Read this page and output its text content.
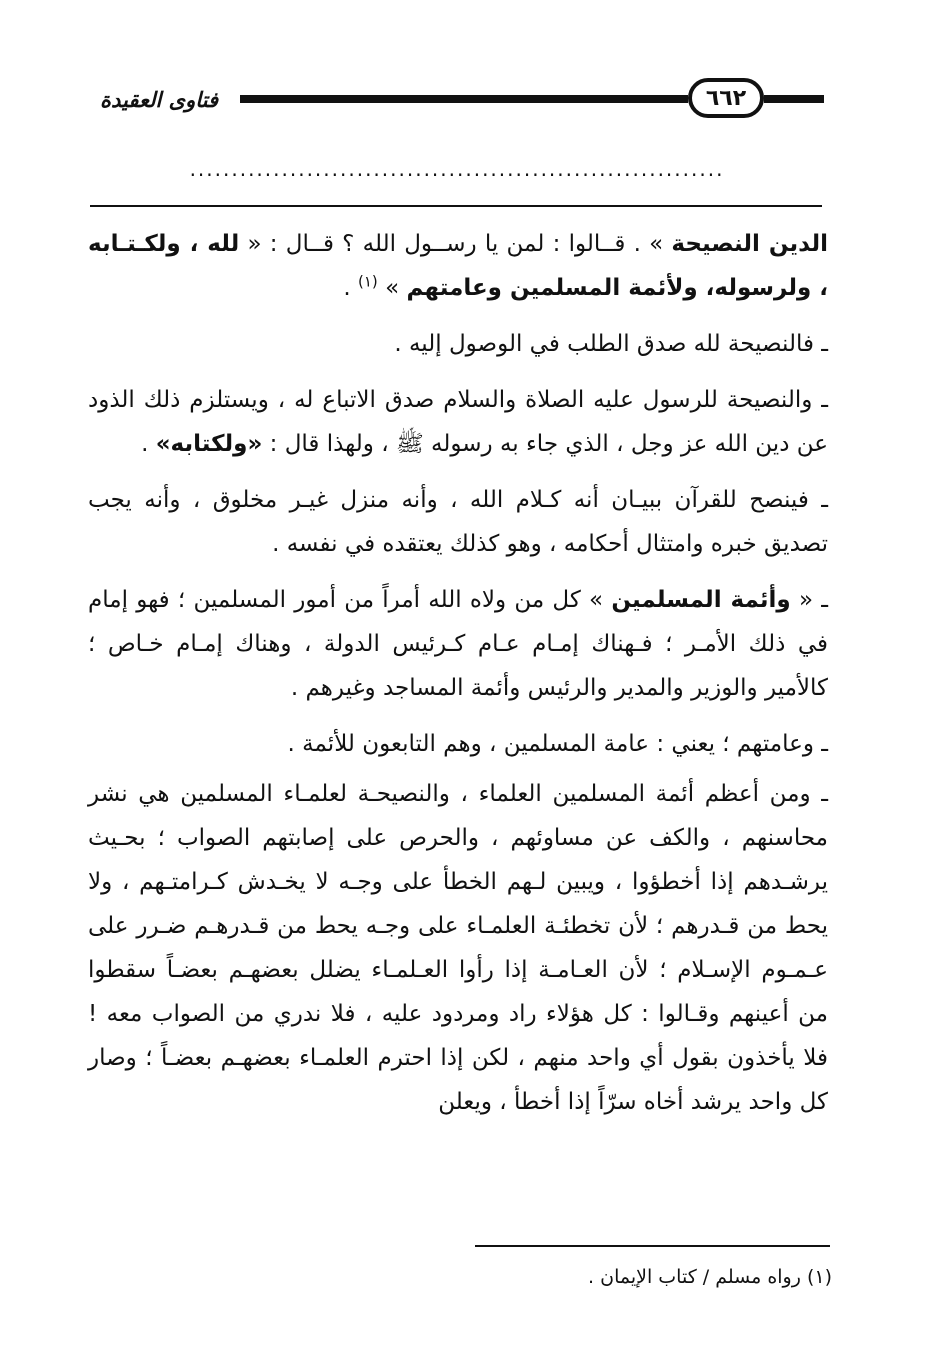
٦٦٢
فتاوى العقيدة
................................................................

الدين النصيحة » . قــالوا : لمن يا رســول الله ؟ قــال : « لله ، ولكـتـابه ، ولرسوله، ولأئمة المسلمين وعامتهم » $^{(١)}$ .

ـ فالنصيحة لله صدق الطلب في الوصول إليه .

ـ والنصيحة للرسول عليه الصلاة والسلام صدق الاتباع له ، ويستلزم ذلك الذود عن دين الله عز وجل ، الذي جاء به رسوله ﷺ ، ولهذا قال : «ولكتابه» .

ـ فينصح للقرآن ببيـان أنه كـلام الله ، وأنه منزل غيـر مخلوق ، وأنه يجب تصديق خبره وامتثال أحكامه ، وهو كذلك يعتقده في نفسه .

ـ « وأئمة المسلمين » كل من ولاه الله أمراً من أمور المسلمين ؛ فهو إمام في ذلك الأمـر ؛ فـهناك إمـام عـام كـرئيس الدولة ، وهناك إمـام خـاص ؛ كالأمير والوزير والمدير والرئيس وأئمة المساجد وغيرهم .

ـ وعامتهم ؛ يعني : عامة المسلمين ، وهم التابعون للأئمة .

ـ ومن أعظم أئمة المسلمين العلماء ، والنصيحـة لعلمـاء المسلمين هي نشر محاسنهم ، والكف عن مساوئهم ، والحرص على إصابتهم الصواب ؛ بحـيث يرشـدهم إذا أخطؤوا ، ويبين لـهم الخطأ على وجـه لا يخـدش كـرامتـهم ، ولا يحط من قـدرهم ؛ لأن تخطئـة العلمـاء على وجـه يحط من قـدرهـم ضـرر على عـمـوم الإسـلام ؛ لأن العـامـة إذا رأوا العـلمـاء يضلل بعضهـم بعضـاً سقطوا من أعينهم وقـالوا : كل هؤلاء راد ومردود عليه ، فلا ندري من الصواب معه ! فلا يأخذون بقول أي واحد منهم ، لكن إذا احترم العلمـاء بعضهـم بعضـاً ؛ وصار كل واحد يرشد أخاه سرّاً إذا أخطأ ، ويعلن

(١) رواه مسلم / كتاب الإيمان .
